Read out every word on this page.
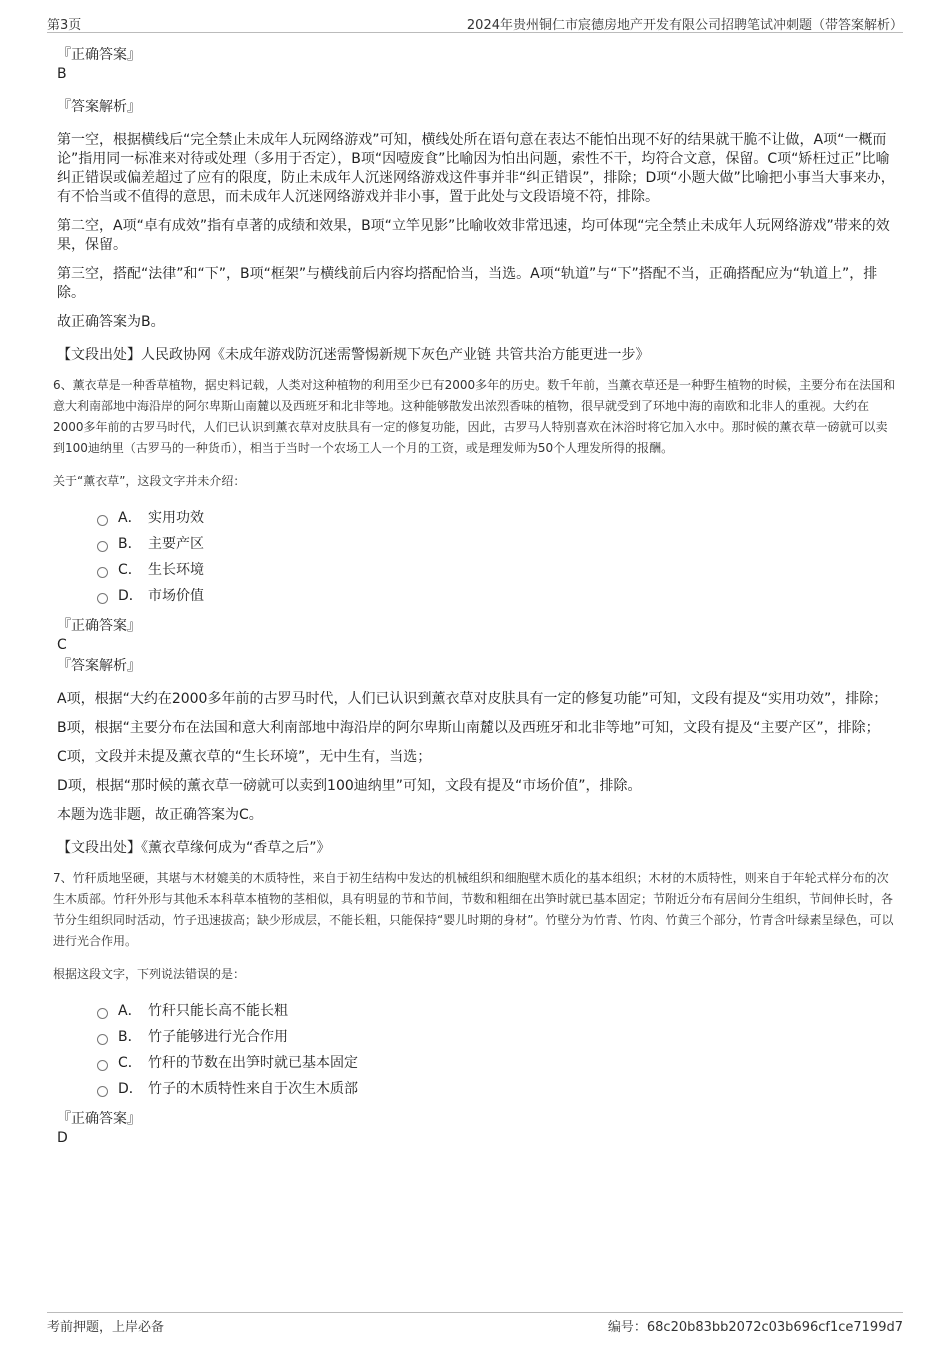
第3页	2024年贵州铜仁市宸德房地产开发有限公司招聘笔试冲刺题（带答案解析）
『正确答案』
B
『答案解析』

第一空，根据横线后“完全禁止未成年人玩网络游戏”可知，横线处所在语句意在表达不能怕出现不好的结果就干脆不让做，A项“一概而论”指用同一标准来对待或处理（多用于否定），B项“因噎废食”比喻因为怕出问题，索性不干，均符合文意，保留。C项“矫枉过正”比喻纠正错误或偏差超过了应有的限度，防止未成年人沉迷网络游戏这件事并非“纠正错误”，排除；D项“小题大做”比喻把小事当大事来办，有不恰当或不值得的意思，而未成年人沉迷网络游戏并非小事，置于此处与文段语境不符，排除。

第二空，A项“卓有成效”指有卓著的成绩和效果，B项“立竿见影”比喻收效非常迅速，均可体现“完全禁止未成年人玩网络游戏”带来的效果，保留。

第三空，搭配“法律”和“下”，B项“框架”与横线前后内容均搭配恰当，当选。A项“轨道”与“下”搭配不当，正确搭配应为“轨道上”，排除。

故正确答案为B。

【文段出处】人民政协网《未成年游戏防沉迷需警惕新规下灰色产业链 共管共治方能更进一步》
6、薰衣草是一种香草植物，据史料记载，人类对这种植物的利用至少已有2000多年的历史。数千年前，当薰衣草还是一种野生植物的时候，主要分布在法国和意大利南部地中海沿岸的阿尔卑斯山南麓以及西班牙和北非等地。这种能够散发出浓烈香味的植物，很早就受到了环地中海的南欧和北非人的重视。大约在2000多年前的古罗马时代，人们已认识到薰衣草对皮肤具有一定的修复功能，因此，古罗马人特别喜欢在沐浴时将它加入水中。那时候的薰衣草一磅就可以卖到100迪纳里（古罗马的一种货币），相当于当时一个农场工人一个月的工资，或是理发师为50个人理发所得的报酬。
关于“薰衣草”，这段文字并未介绍：
A． 实用功效
B． 主要产区
C． 生长环境
D． 市场价值
『正确答案』
C
『答案解析』

A项，根据“大约在2000多年前的古罗马时代，人们已认识到薰衣草对皮肤具有一定的修复功能”可知，文段有提及“实用功效”，排除；

B项，根据“主要分布在法国和意大利南部地中海沿岸的阿尔卑斯山南麓以及西班牙和北非等地”可知，文段有提及“主要产区”，排除；

C项，文段并未提及薰衣草的“生长环境”，无中生有，当选；

D项，根据“那时候的薰衣草一磅就可以卖到100迪纳里”可知，文段有提及“市场价值”，排除。

本题为选非题，故正确答案为C。

【文段出处】《薰衣草缘何成为“香草之后”》
7、竹秆质地坚硬，其堪与木材媲美的木质特性，来自于初生结构中发达的机械组织和细胞壁木质化的基本组织；木材的木质特性，则来自于年轮式样分布的次生木质部。竹秆外形与其他禾本科草本植物的茎相似，具有明显的节和节间，节数和粗细在出笋时就已基本固定；节附近分布有居间分生组织，节间伸长时，各节分生组织同时活动，竹子迅速拔高；缺少形成层，不能长粗，只能保持“婴儿时期的身材”。竹壁分为竹青、竹肉、竹黄三个部分，竹青含叶绿素呈绿色，可以进行光合作用。
根据这段文字，下列说法错误的是：
A． 竹秆只能长高不能长粗
B． 竹子能够进行光合作用
C． 竹秆的节数在出笋时就已基本固定
D． 竹子的木质特性来自于次生木质部
『正确答案』
D
考前押题，上岸必备	编号：68c20b83bb2072c03b696cf1ce7199d7
